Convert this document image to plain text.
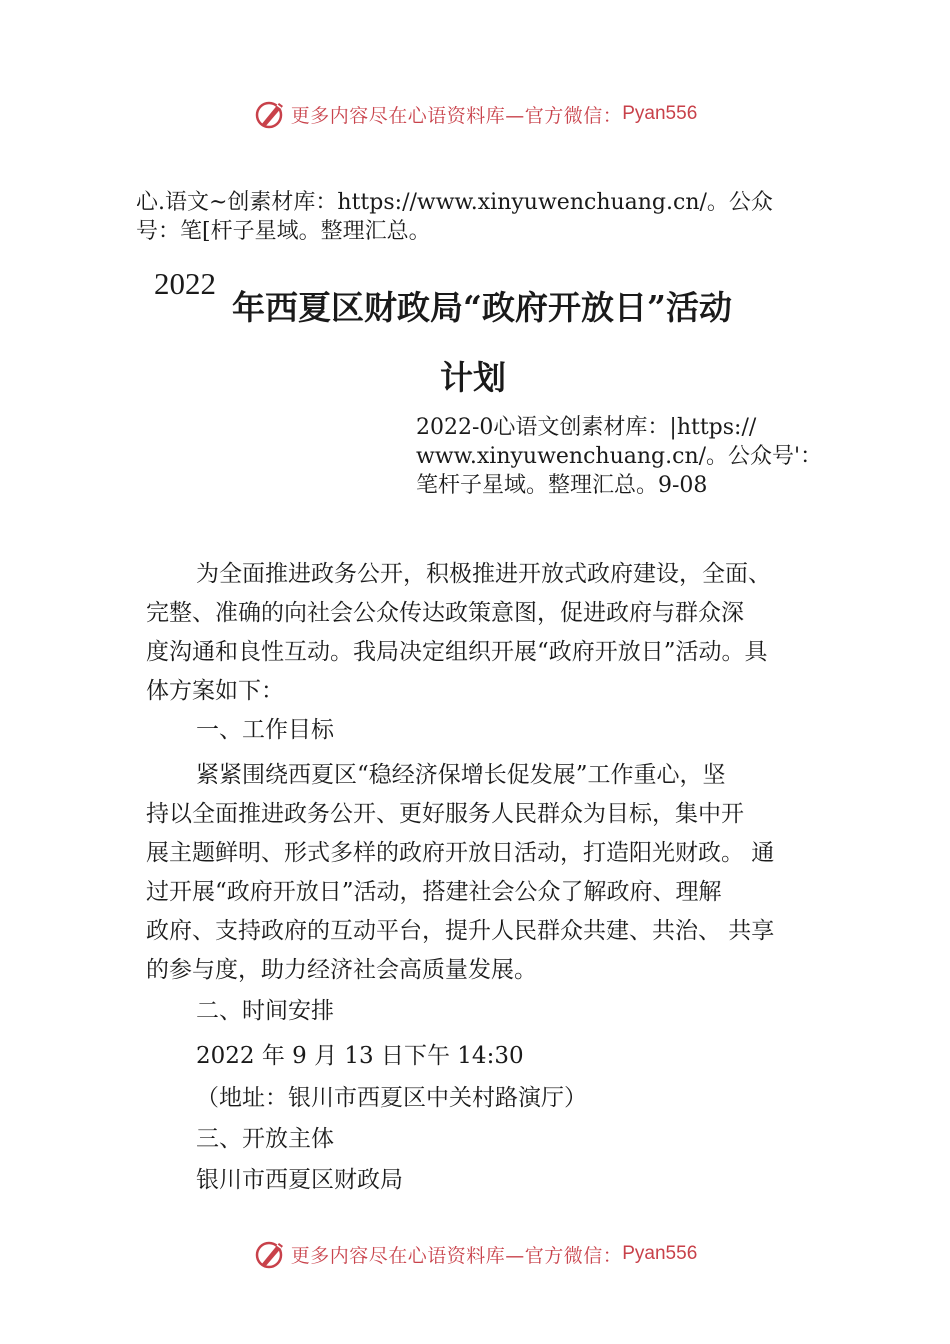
更多内容尽在心语资料库—官方微信： Pyan556
心.语文~创素材库：https://www.xinyuwenchuang.cn/。公众
号：笔[杆子星域。整理汇总。
2022
年西夏区财政局“政府开放日”活动
计划
2022-0心语文创素材库：|https://
www.xinyuwenchuang.cn/。公众号'：
笔杆子星域。整理汇总。9-08
为全面推进政务公开，积极推进开放式政府建设，全面、
完整、准确的向社会公众传达政策意图，促进政府与群众深
度沟通和良性互动。我局决定组织开展“政府开放日”活动。具
体方案如下：
一、工作目标
紧紧围绕西夏区“稳经济保增长促发展”工作重心，坚
持以全面推进政务公开、更好服务人民群众为目标，集中开
展主题鲜明、形式多样的政府开放日活动，打造阳光财政。 通
过开展“政府开放日”活动，搭建社会公众了解政府、理解
政府、支持政府的互动平台，提升人民群众共建、共治、 共享
的参与度，助力经济社会高质量发展。
二、时间安排
2022 年 9 月 13 日下午 14:30
（地址：银川市西夏区中关村路演厅）
三、开放主体
银川市西夏区财政局
更多内容尽在心语资料库—官方微信： Pyan556
